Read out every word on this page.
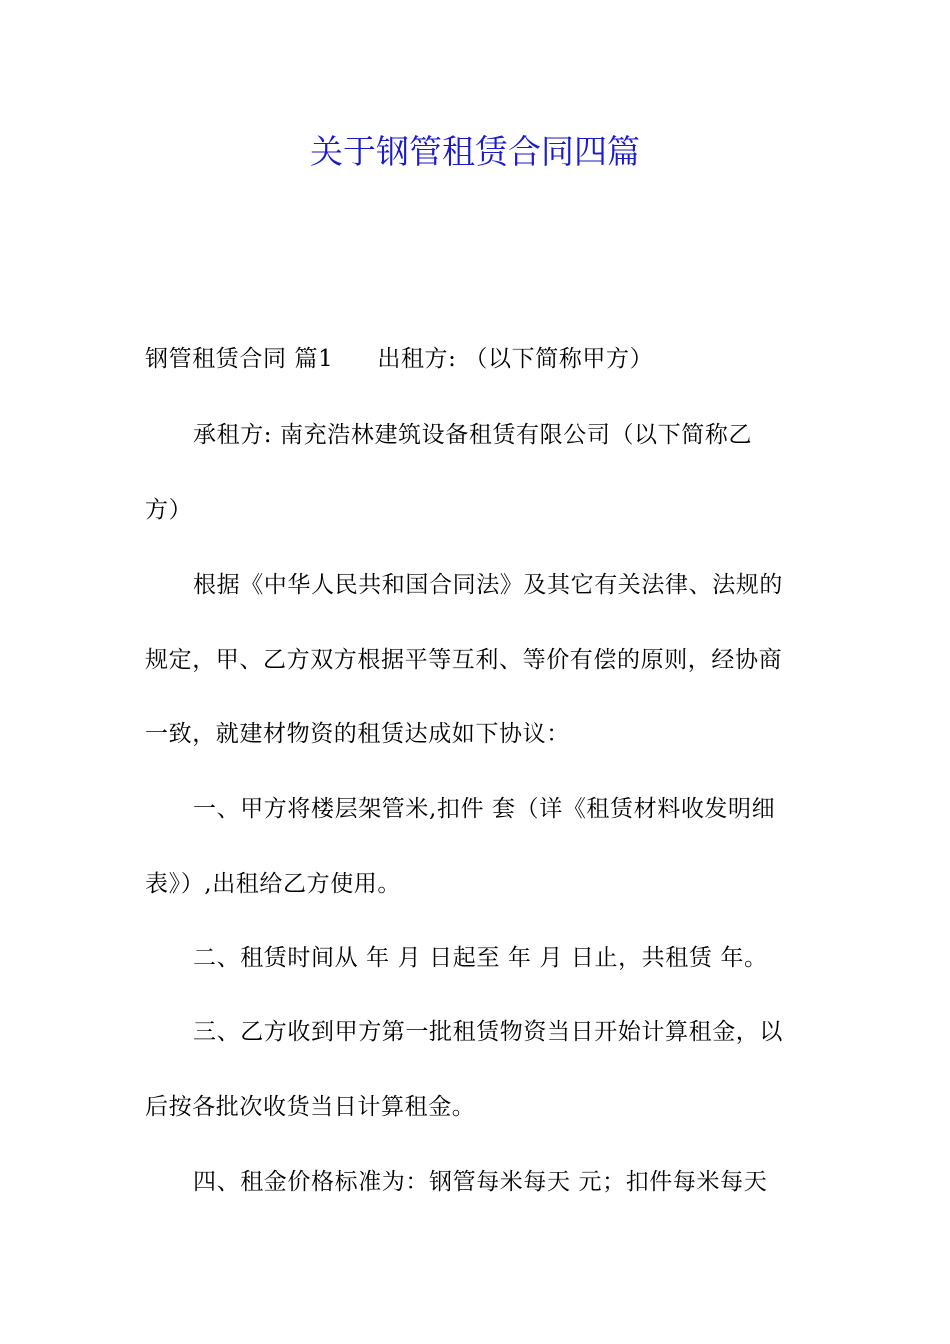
关于钢管租赁合同四篇
钢管租赁合同 篇1 出租方: （以下简称甲方）
承租方: 南充浩林建筑设备租赁有限公司（以下简称乙
方）
根据《中华人民共和国合同法》及其它有关法律、法规的
规定，甲、乙方双方根据平等互利、等价有偿的原则，经协商
一致，就建材物资的租赁达成如下协议：
一、甲方将楼层架管米,扣件 套（详《租赁材料收发明细
表》）,出租给乙方使用。
二、租赁时间从 年 月 日起至 年 月 日止，共租赁 年。
三、乙方收到甲方第一批租赁物资当日开始计算租金，以
后按各批次收货当日计算租金。
四、租金价格标准为：钢管每米每天 元；扣件每米每天
